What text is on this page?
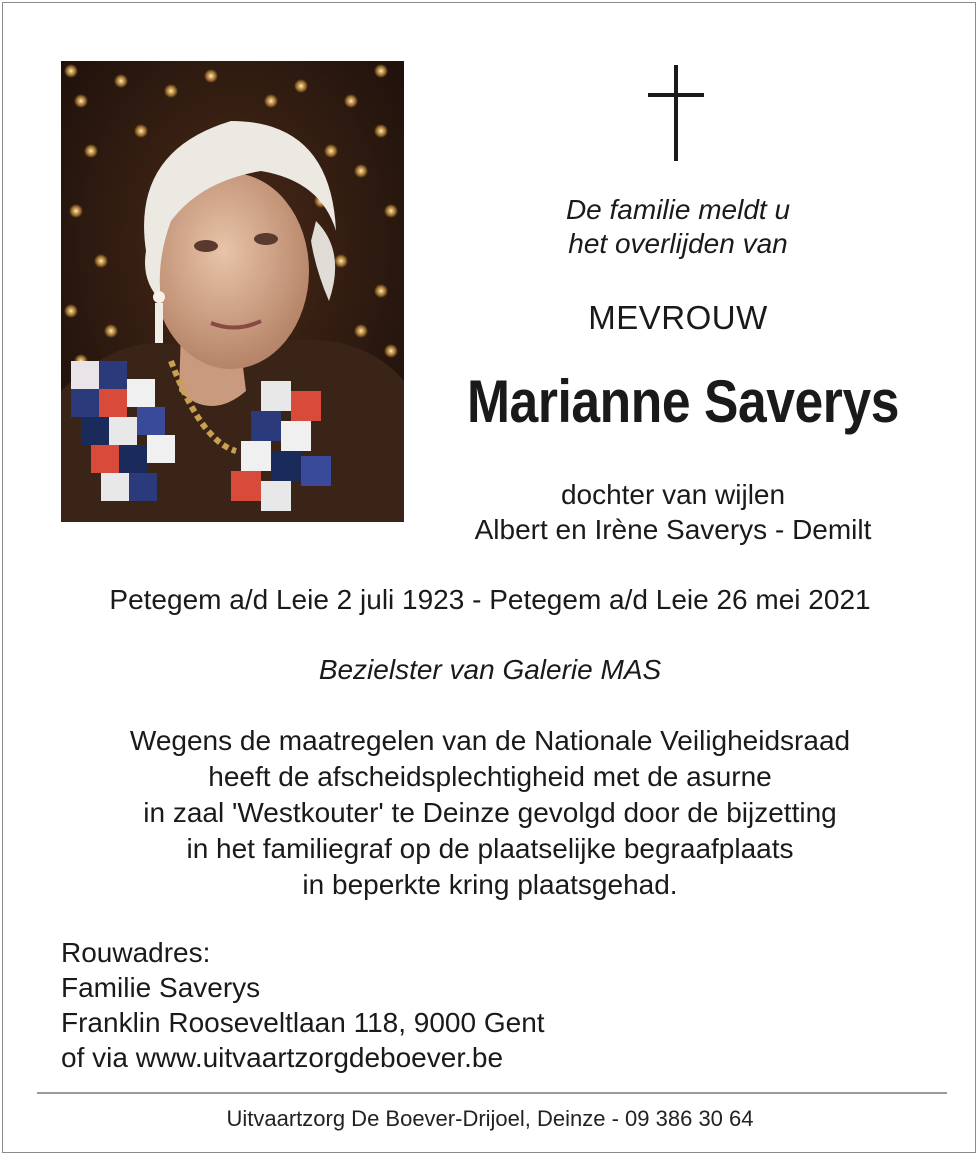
De familie meldt u
het overlijden van
MEVROUW
Marianne Saverys
dochter van wijlen
Albert en Irène Saverys - Demilt
Petegem a/d Leie 2 juli 1923 - Petegem a/d Leie 26 mei 2021
Bezielster van Galerie MAS
Wegens de maatregelen van de Nationale Veiligheidsraad
heeft de afscheidsplechtigheid met de asurne
in zaal 'Westkouter' te Deinze gevolgd door de bijzetting
in het familiegraf op de plaatselijke begraafplaats
in beperkte kring plaatsgehad.
Rouwadres:
Familie Saverys
Franklin Rooseveltlaan 118, 9000 Gent
of via www.uitvaartzorgdeboever.be
Uitvaartzorg De Boever-Drijoel, Deinze - 09 386 30 64
